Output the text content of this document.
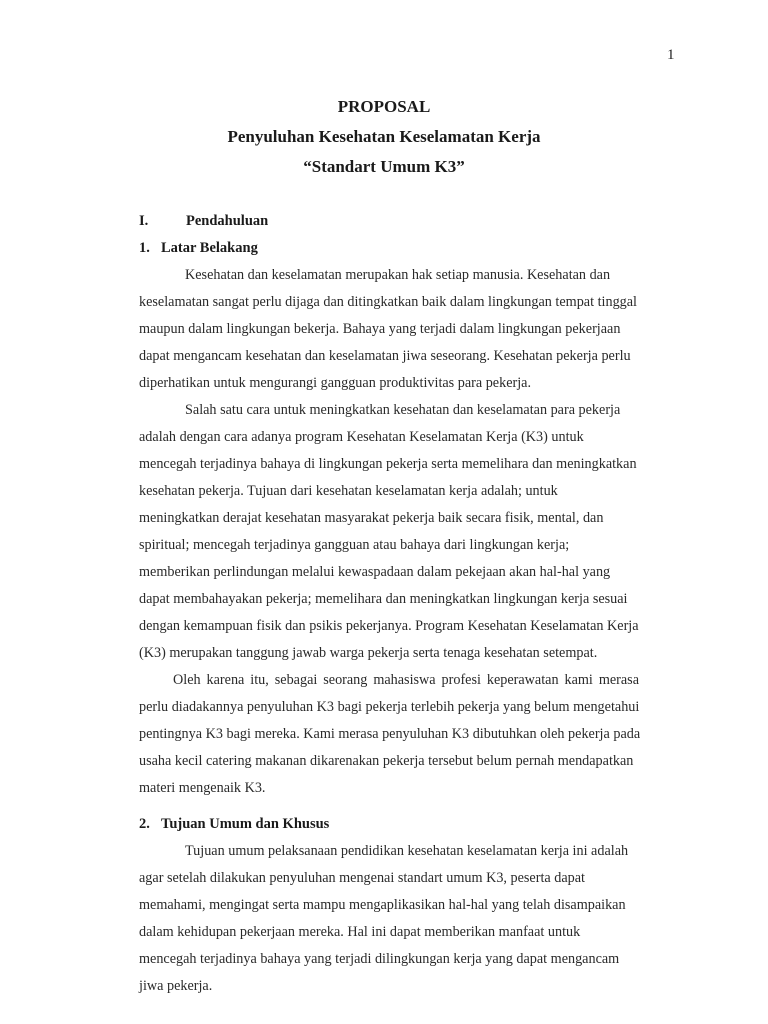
1
PROPOSAL
Penyuluhan Kesehatan Keselamatan Kerja
“Standart Umum K3”
I.	Pendahuluan
1. Latar Belakang
Kesehatan dan keselamatan merupakan hak setiap manusia. Kesehatan dan
keselamatan sangat perlu dijaga dan ditingkatkan baik dalam lingkungan tempat tinggal
maupun dalam lingkungan bekerja. Bahaya yang terjadi dalam lingkungan pekerjaan
dapat mengancam kesehatan dan keselamatan jiwa seseorang. Kesehatan pekerja perlu
diperhatikan untuk mengurangi gangguan produktivitas para pekerja.
Salah satu cara untuk meningkatkan kesehatan dan keselamatan para pekerja
adalah dengan cara adanya program Kesehatan Keselamatan Kerja (K3) untuk
mencegah terjadinya bahaya di lingkungan pekerja serta memelihara dan meningkatkan
kesehatan pekerja. Tujuan dari kesehatan keselamatan kerja adalah; untuk
meningkatkan derajat kesehatan masyarakat pekerja baik secara fisik, mental, dan
spiritual; mencegah terjadinya gangguan atau bahaya dari lingkungan kerja;
memberikan perlindungan melalui kewaspadaan dalam pekejaan akan hal-hal yang
dapat membahayakan pekerja; memelihara dan meningkatkan lingkungan kerja sesuai
dengan kemampuan fisik dan psikis pekerjanya. Program Kesehatan Keselamatan Kerja
(K3) merupakan tanggung jawab warga pekerja serta tenaga kesehatan setempat.
Oleh karena itu, sebagai seorang mahasiswa profesi keperawatan kami merasa
perlu diadakannya penyuluhan K3 bagi pekerja terlebih pekerja yang belum mengetahui
pentingnya K3 bagi mereka. Kami merasa penyuluhan K3 dibutuhkan oleh pekerja pada
usaha kecil catering makanan dikarenakan pekerja tersebut belum pernah mendapatkan
materi mengenaik K3.
2. Tujuan Umum dan Khusus
Tujuan umum pelaksanaan pendidikan kesehatan keselamatan kerja ini adalah
agar setelah dilakukan penyuluhan mengenai standart umum K3, peserta dapat
memahami, mengingat serta mampu mengaplikasikan hal-hal yang telah disampaikan
dalam kehidupan pekerjaan mereka. Hal ini dapat memberikan manfaat untuk
mencegah terjadinya bahaya yang terjadi dilingkungan kerja yang dapat mengancam
jiwa pekerja.
